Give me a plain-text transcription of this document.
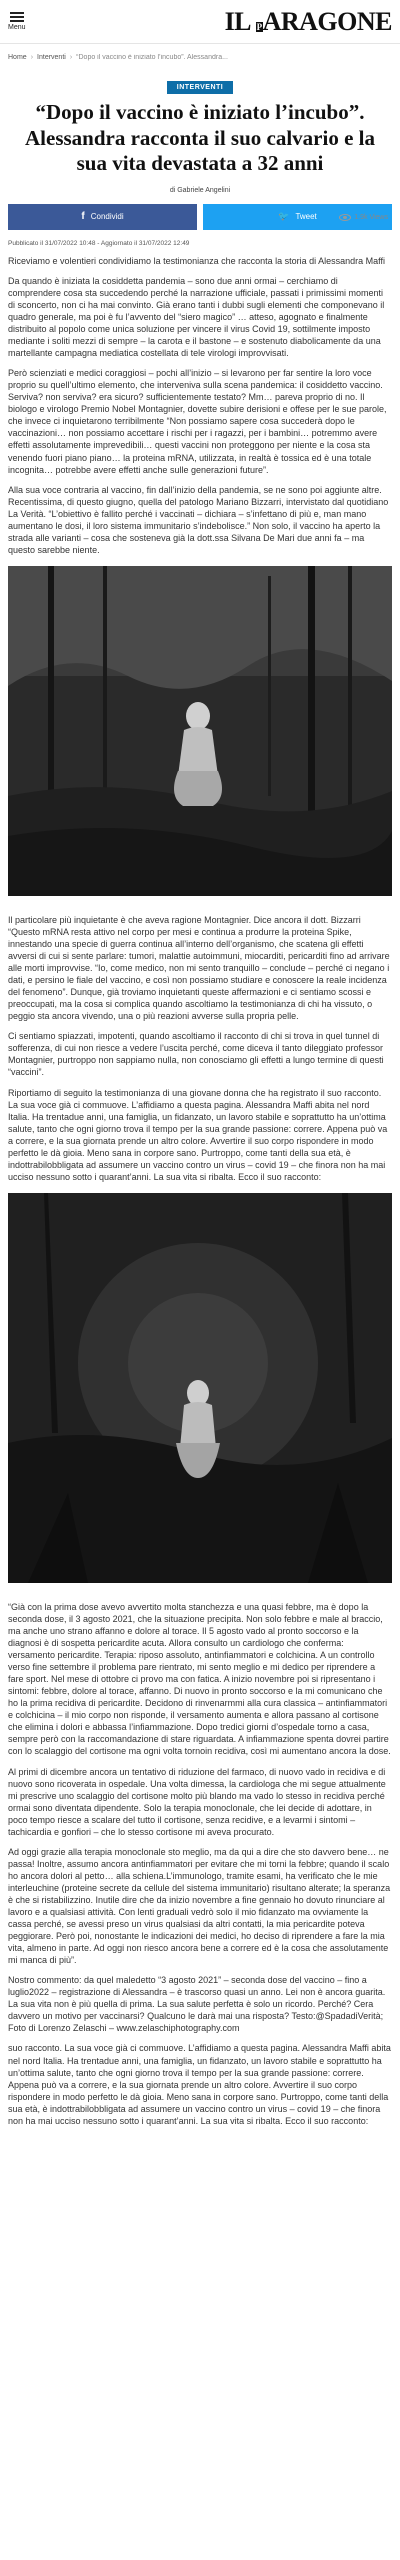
Menu	IL PARAGONE
Home › Interventi › “Dopo il vaccino è iniziato l’incubo”. Alessandra...
INTERVENTI
“Dopo il vaccino è iniziato l’incubo”. Alessandra racconta il suo calvario e la sua vita devastata a 32 anni
di Gabriele Angelini
1.9k Views
f Condividi	🐦 Tweet
Pubblicato il 31/07/2022 10:48 - Aggiornato il 31/07/2022 12:49

Riceviamo e volentieri condividiamo la testimonianza che racconta la storia di Alessandra Maffi

Da quando è iniziata la cosiddetta pandemia – sono due anni ormai – cerchiamo di comprendere cosa sta succedendo perché la narrazione ufficiale, passati i primissimi momenti di sconcerto, non ci ha mai convinto. Già erano tanti i dubbi sugli elementi che componevano il quadro generale, ma poi è fu l’avvento del “siero magico” … atteso, agognato e finalmente distribuito al popolo come unica soluzione per vincere il virus Covid 19, sottilmente imposto mediante i soliti mezzi di sempre – la carota e il bastone – e sostenuto diabolicamente da una martellante campagna mediatica costellata di tele virologi improvvisati.

Però scienziati e medici coraggiosi – pochi all’inizio – si levarono per far sentire la loro voce proprio su quell’ultimo elemento, che interveniva sulla scena pandemica: il cosiddetto vaccino. Serviva? non serviva? era sicuro? sufficientemente testato? Mm… pareva proprio di no. Il biologo e virologo Premio Nobel Montagnier, dovette subire derisioni e offese per le sue parole, che invece ci inquietarono terribilmente “Non possiamo sapere cosa succederà dopo le vaccinazioni… non possiamo accettare i rischi per i ragazzi, per i bambini… potremmo avere effetti assolutamente imprevedibili… questi vaccini non proteggono per niente e la cosa sta venendo fuori piano piano… la proteina mRNA, utilizzata, in realtà è tossica ed è una totale incognita… potrebbe avere effetti anche sulle generazioni future”.

Alla sua voce contraria al vaccino, fin dall’inizio della pandemia, se ne sono poi aggiunte altre. Recentissima, di questo giugno, quella del patologo Mariano Bizzarri, intervistato dal quotidiano La Verità. “L’obiettivo è fallito perché i vaccinati – dichiara – s’infettano di più e, man mano aumentano le dosi, il loro sistema immunitario s’indebolisce.” Non solo, il vaccino ha aperto la strada alle varianti – cosa che sosteneva già la dott.ssa Silvana De Mari due anni fa – ma questo sarebbe niente.

Il particolare più inquietante è che aveva ragione Montagnier. Dice ancora il dott. Bizzarri “Questo mRNA resta attivo nel corpo per mesi e continua a produrre la proteina Spike, innestando una specie di guerra continua all’interno dell’organismo, che scatena gli effetti avversi di cui si sente parlare: tumori, malattie autoimmuni, miocarditi, pericarditi fino ad arrivare alle morti improvvise. “Io, come medico, non mi sento tranquillo – conclude – perché ci negano i dati, e persino le fiale del vaccino, e così non possiamo studiare e conoscere la reale incidenza del fenomeno”. Dunque, già troviamo inquietanti queste affermazioni e ci sentiamo scossi e preoccupati, ma la cosa si complica quando ascoltiamo la testimonianza di chi ha vissuto, o peggio sta ancora vivendo, una o più reazioni avverse sulla propria pelle.

Ci sentiamo spiazzati, impotenti, quando ascoltiamo il racconto di chi si trova in quel tunnel di sofferenza, di cui non riesce a vedere l’uscita perché, come diceva il tanto dileggiato professor Montagnier, purtroppo non sappiamo nulla, non conosciamo gli effetti a lungo termine di questi “vaccini”.

Riportiamo di seguito la testimonianza di una giovane donna che ha registrato il suo racconto. La sua voce già ci commuove. L’affidiamo a questa pagina. Alessandra Maffi abita nel nord Italia. Ha trentadue anni, una famiglia, un fidanzato, un lavoro stabile e soprattutto ha un’ottima salute, tanto che ogni giorno trova il tempo per la sua grande passione: correre. Appena può va a correre, e la sua giornata prende un altro colore. Avvertire il suo corpo rispondere in modo perfetto le dà gioia. Meno sana in corpore sano. Purtroppo, come tanti della sua età, è indottrabilobbligata ad assumere un vaccino contro un virus – covid 19 – che finora non ha mai ucciso nessuno sotto i quarant’anni. La sua vita si ribalta. Ecco il suo racconto:

“Già con la prima dose avevo avvertito molta stanchezza e una quasi febbre, ma è dopo la seconda dose, il 3 agosto 2021, che la situazione precipita. Non solo febbre e male al braccio, ma anche uno strano affanno e dolore al torace. Il 5 agosto vado al pronto soccorso e la diagnosi è di sospetta pericardite acuta. Allora consulto un cardiologo che conferma: versamento pericardite. Terapia: riposo assoluto, antinfiammatori e colchicina. A un controllo verso fine settembre il problema pare rientrato, mi sento meglio e mi dedico per riprendere a fare sport. Nel mese di ottobre ci provo ma con fatica. A inizio novembre poi si ripresentano i sintomi: febbre, dolore al torace, affanno. Di nuovo in pronto soccorso e la mi comunicano che ho la prima recidiva di pericardite. Decidono di rinvenarmmi alla cura classica – antinfiammatori e colchicina – il mio corpo non risponde, il versamento aumenta e allora passano al cortisone che elimina i dolori e abbassa l’infiammazione. Dopo tredici giorni d’ospedale torno a casa, sempre però con la raccomandazione di stare riguardata. A infiammazione spenta dovrei partire con lo scalaggio del cortisone ma ogni volta tornoin recidiva, così mi aumentano ancora la dose.

Al primi di dicembre ancora un tentativo di riduzione del farmaco, di nuovo vado in recidiva e di nuovo sono ricoverata in ospedale. Una volta dimessa, la cardiologa che mi segue attualmente mi prescrive uno scalaggio del cortisone molto più blando ma vado lo stesso in recidiva perché ormai sono diventata dipendente. Solo la terapia monoclonale, che lei decide di adottare, in poco tempo riesce a scalare del tutto il cortisone, senza recidive, e a levarmi i sintomi – tachicardia e gonfiori – che lo stesso cortisone mi aveva procurato.

Ad oggi grazie alla terapia monoclonale sto meglio, ma da qui a dire che sto davvero bene… ne passa! Inoltre, assumo ancora antinfiammatori per evitare che mi torni la febbre; quando il scalo ho ancora dolori al petto… alla schiena.L’immunologo, tramite esami, ha verificato che le mie interleuchine (proteine secrete da cellule del sistema immunitario) risultano alterate; la speranza è che si ristabilizzino. Inutile dire che da inizio novembre a fine gennaio ho dovuto rinunciare al lavoro e a qualsiasi attività. Con lenti graduali vedrò solo il mio fidanzato ma ovviamente la cassa perché, se avessi preso un virus qualsiasi da altri contatti, la mia pericardite poteva peggiorare. Però poi, nonostante le indicazioni dei medici, ho deciso di riprendere a fare la mia vita, almeno in parte. Ad oggi non riesco ancora bene a correre ed è la cosa che assolutamente mi manca di più”.

Nostro commento: da quel maledetto “3 agosto 2021” – seconda dose del vaccino – fino a luglio2022 – registrazione di Alessandra – è trascorso quasi un anno. Lei non è ancora guarita. La sua vita non è più quella di prima. La sua salute perfetta è solo un ricordo. Perché? Cera davvero un motivo per vaccinarsi? Qualcuno le darà mai una risposta? Testo:@SpadadiVerità; Foto di Lorenzo Zelaschi – www.zelaschiphotography.com

suo racconto. La sua voce già ci commuove. L’affidiamo a questa pagina. Alessandra Maffi abita nel nord Italia. Ha trentadue anni, una famiglia, un fidanzato, un lavoro stabile e soprattutto ha un’ottima salute, tanto che ogni giorno trova il tempo per la sua grande passione: correre. Appena può va a correre, e la sua giornata prende un altro colore. Avvertire il suo corpo rispondere in modo perfetto le dà gioia. Meno sana in corpore sano. Purtroppo, come tanti della sua età, è indottrabilobbligata ad assumere un vaccino contro un virus – covid 19 – che finora non ha mai ucciso nessuno sotto i quarant’anni. La sua vita si ribalta. Ecco il suo racconto:
